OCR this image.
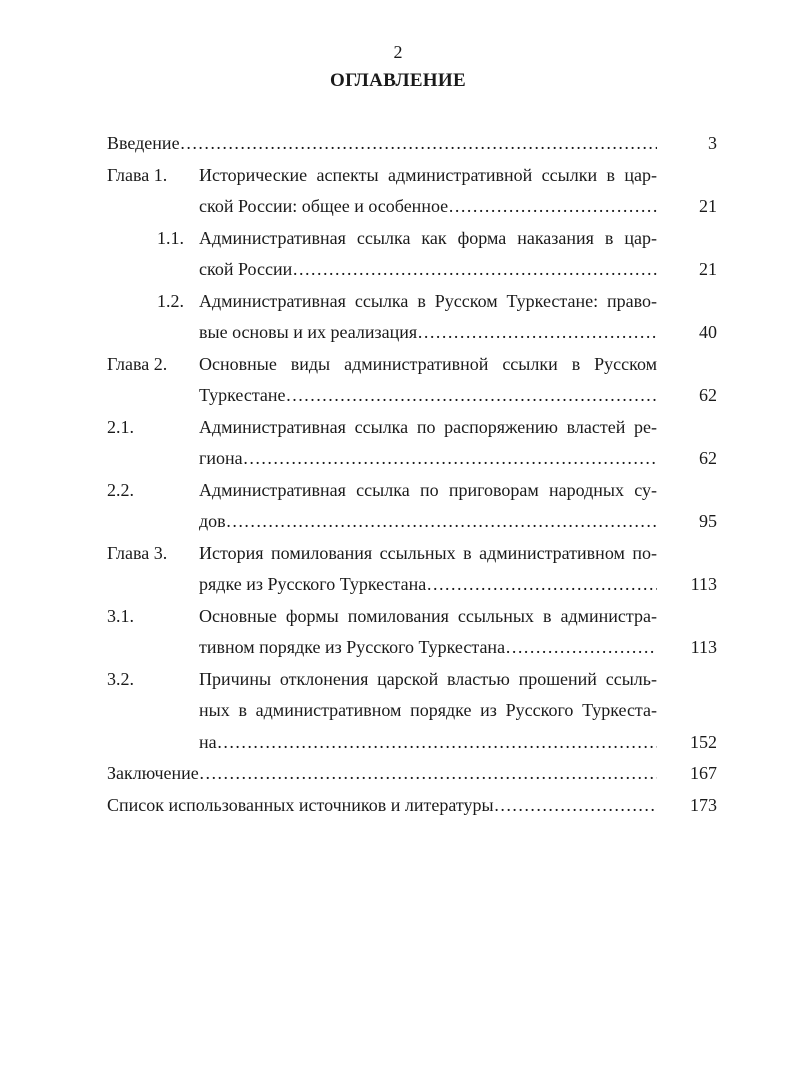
2
ОГЛАВЛЕНИЕ
Введение ……………………………………………………………………………………………………………………………………………………………………	3
Глава 1. Исторические аспекты административной ссылки в цар-
ской России: общее и особенное ……………………………………………………………………………………………………………………………………………………………………	21
1.1. Административная ссылка как форма наказания в цар-
ской России ……………………………………………………………………………………………………………………………………………………………………	21
1.2. Административная ссылка в Русском Туркестане: право-
вые основы и их реализация ……………………………………………………………………………………………………………………………………………………………………	40
Глава 2. Основные виды административной ссылки в Русском
Туркестане ……………………………………………………………………………………………………………………………………………………………………	62
2.1.	Административная ссылка по распоряжению властей ре-
гиона ……………………………………………………………………………………………………………………………………………………………………	62
2.2.	Административная ссылка по приговорам народных су-
дов ……………………………………………………………………………………………………………………………………………………………………	95
Глава 3. История помилования ссыльных в административном по-
рядке из Русского Туркестана ……………………………………………………………………………………………………………………………………………………………………	113
3.1.	Основные формы помилования ссыльных в администра-
тивном порядке из Русского Туркестана ……………………………………………………………………………………………………………………………………………………………………	113
3.2.	Причины отклонения царской властью прошений ссыль-
ных в административном порядке из Русского Туркеста-
на ……………………………………………………………………………………………………………………………………………………………………	152
Заключение ……………………………………………………………………………………………………………………………………………………………………	167
Список использованных источников и литературы ……………………………………………………………………………………………………………………………………………………………………	173
